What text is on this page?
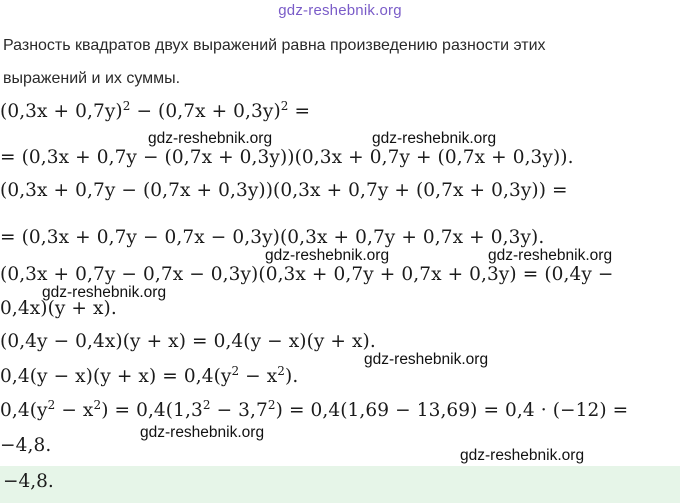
gdz-reshebnik.org
Разность квадратов двух выражений равна произведению разности этих
выражений и их суммы.
$(0,3x + 0,7y)^2 - (0,7x + 0,3y)^2$ =
gdz-reshebnik.org	gdz-reshebnik.org
= (0,3x + 0,7y − (0,7x + 0,3y))(0,3x + 0,7y + (0,7x + 0,3y)).
(0,3x + 0,7y − (0,7x + 0,3y))(0,3x + 0,7y + (0,7x + 0,3y)) =
= (0,3x + 0,7y − 0,7x − 0,3y)(0,3x + 0,7y + 0,7x + 0,3y).
gdz-reshebnik.org	gdz-reshebnik.org
(0,3x + 0,7y − 0,7x − 0,3y)(0,3x + 0,7y + 0,7x + 0,3y) = (0,4y −
gdz-reshebnik.org
0,4x)(y + x).
(0,4y − 0,4x)(y + x) = 0,4(y − x)(y + x).
gdz-reshebnik.org
$0,4(y - x)(y + x) = 0,4(y^2 - x^2)$.
$0,4(y^2 - x^2) = 0,4(1,3^2 - 3,7^2) = 0,4(1,69 - 13,69) = 0,4 \cdot (-12)$ =
gdz-reshebnik.org
−4,8.	gdz-reshebnik.org
−4,8.
